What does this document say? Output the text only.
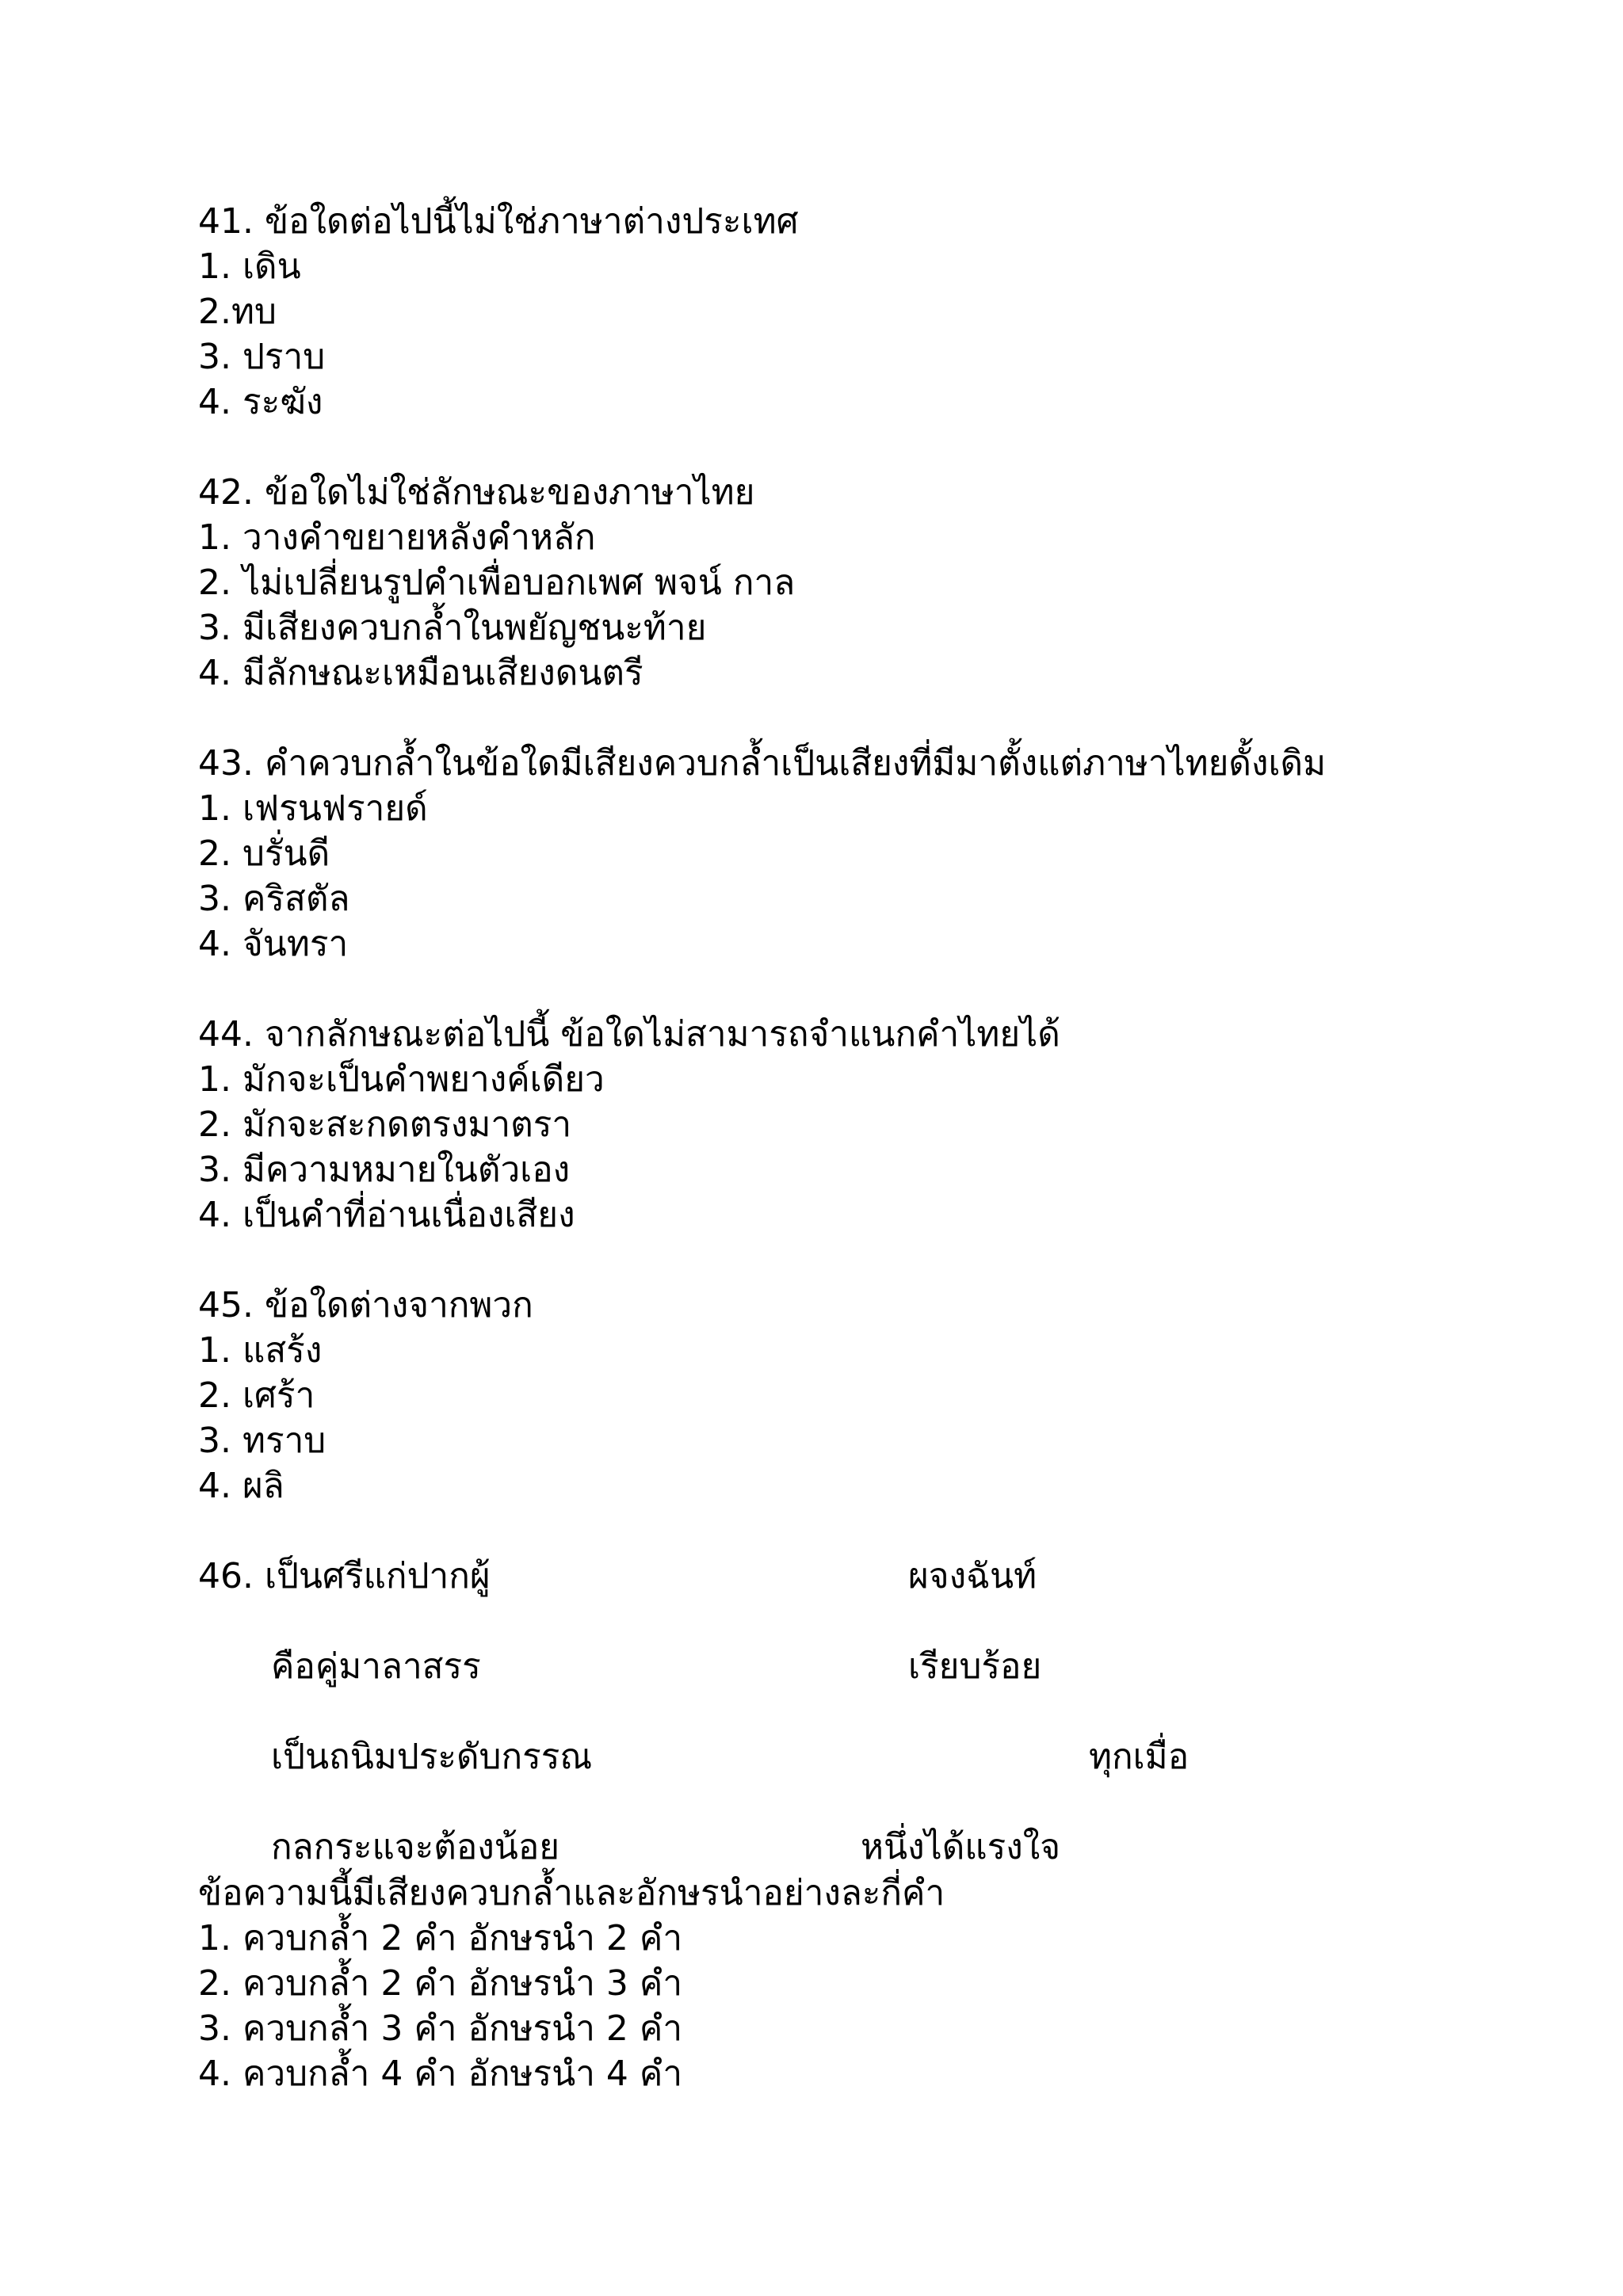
41. ข้อใดต่อไปนี้ไม่ใช่ภาษาต่างประเทศ
1. เดิน
2.ทบ
3. ปราบ
4. ระฆัง
42. ข้อใดไม่ใช่ลักษณะของภาษาไทย
1. วางคำขยายหลังคำหลัก
2. ไม่เปลี่ยนรูปคำเพื่อบอกเพศ พจน์ กาล
3. มีเสียงควบกล้ำในพยัญชนะท้าย
4. มีลักษณะเหมือนเสียงดนตรี
43. คำควบกล้ำในข้อใดมีเสียงควบกล้ำเป็นเสียงที่มีมาตั้งแต่ภาษาไทยดั้งเดิม
1. เฟรนฟรายด์
2. บรั่นดี
3. คริสตัล
4. จันทรา
44. จากลักษณะต่อไปนี้ ข้อใดไม่สามารถจำแนกคำไทยได้
1. มักจะเป็นคำพยางค์เดียว
2. มักจะสะกดตรงมาตรา
3. มีความหมายในตัวเอง
4. เป็นคำที่อ่านเนื่องเสียง
45. ข้อใดต่างจากพวก
1. แสร้ง
2. เศร้า
3. ทราบ
4. ผลิ
46. เป็นศรีแก่ปากผู้	ผจงฉันท์
คือคู่มาลาสรร	เรียบร้อย
เป็นถนิมประดับกรรณ	ทุกเมื่อ
กลกระแจะต้องน้อย	หนึ่งได้แรงใจ
ข้อความนี้มีเสียงควบกล้ำและอักษรนำอย่างละกี่คำ
1. ควบกล้ำ 2 คำ อักษรนำ 2 คำ
2. ควบกล้ำ 2 คำ อักษรนำ 3 คำ
3. ควบกล้ำ 3 คำ อักษรนำ 2 คำ
4. ควบกล้ำ 4 คำ อักษรนำ 4 คำ
